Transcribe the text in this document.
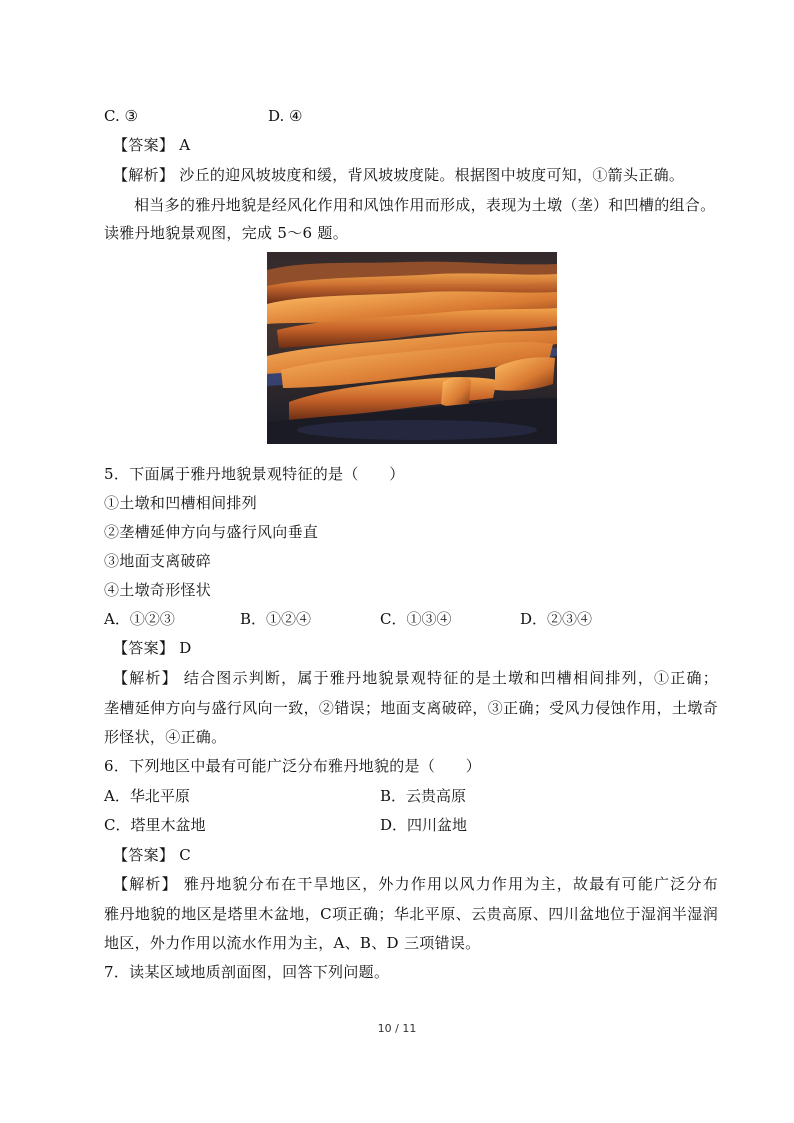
C. ③	D. ④
【答案】 A
【解析】 沙丘的迎风坡坡度和缓，背风坡坡度陡。根据图中坡度可知，①箭头正确。
相当多的雅丹地貌是经风化作用和风蚀作用而形成，表现为土墩（垄）和凹槽的组合。
读雅丹地貌景观图，完成 5～6 题。
5．下面属于雅丹地貌景观特征的是（　　）
①土墩和凹槽相间排列
②垄槽延伸方向与盛行风向垂直
③地面支离破碎
④土墩奇形怪状
A．①②③	B．①②④	C．①③④	D．②③④
【答案】 D
【解析】 结合图示判断，属于雅丹地貌景观特征的是土墩和凹槽相间排列，①正确；
垄槽延伸方向与盛行风向一致，②错误；地面支离破碎，③正确；受风力侵蚀作用，土墩奇
形怪状，④正确。
6．下列地区中最有可能广泛分布雅丹地貌的是（　　）
A．华北平原	B．云贵高原
C．塔里木盆地	D．四川盆地
【答案】 C
【解析】 雅丹地貌分布在干旱地区，外力作用以风力作用为主，故最有可能广泛分布
雅丹地貌的地区是塔里木盆地，C项正确；华北平原、云贵高原、四川盆地位于湿润半湿润
地区，外力作用以流水作用为主，A、B、D 三项错误。
7．读某区域地质剖面图，回答下列问题。
10 / 11
